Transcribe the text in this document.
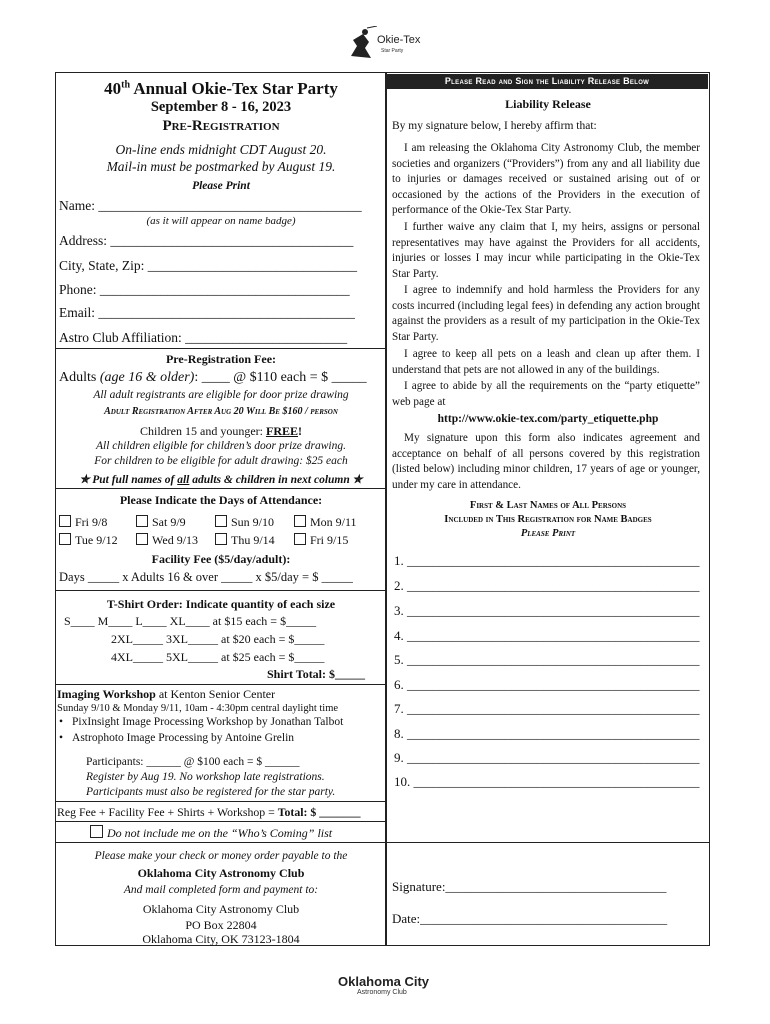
Okie-Tex
Star Party
40th Annual Okie-Tex Star Party
September 8 - 16, 2023
Pre-Registration
On-line ends midnight CDT August 20.
Mail-in must be postmarked by August 19.
Please Print
Name: _______________________________________
(as it will appear on name badge)
Address: ____________________________________
City, State, Zip: _______________________________
Phone: _____________________________________
Email: ______________________________________
Astro Club Affiliation: ________________________
Pre-Registration Fee:
Adults (age 16 & older): ____ @ $110 each = $ _____
All adult registrants are eligible for door prize drawing
Adult Registration After Aug 20 Will Be $160 / person
Children 15 and younger: FREE!
All children eligible for children’s door prize drawing.
For children to be eligible for adult drawing: $25 each
✯ Put full names of all adults & children in next column ✯
Please Indicate the Days of Attendance:
Fri 9/8	Sat 9/9	Sun 9/10	Mon 9/11
Tue 9/12	Wed 9/13	Thu 9/14	Fri 9/15
Facility Fee ($5/day/adult):
Days _____ x Adults 16 & over _____ x $5/day = $ _____
T-Shirt Order: Indicate quantity of each size
S____ M____ L____ XL____ at $15 each = $_____
2XL_____ 3XL_____ at $20 each = $_____
4XL_____ 5XL_____ at $25 each = $_____
Shirt Total: $_____
Imaging Workshop at Kenton Senior Center
Sunday 9/10 & Monday 9/11, 10am - 4:30pm central daylight time
• PixInsight Image Processing Workshop by Jonathan Talbot
• Astrophoto Image Processing by Antoine Grelin
Participants: ______ @ $100 each = $ ______
Register by Aug 19. No workshop late registrations.
Participants must also be registered for the star party.
Reg Fee + Facility Fee + Shirts + Workshop = Total: $ _______
Do not include me on the “Who’s Coming” list
Please make your check or money order payable to the
Oklahoma City Astronomy Club
And mail completed form and payment to:
Oklahoma City Astronomy Club
PO Box 22804
Oklahoma City, OK 73123-1804
Please Read and Sign the Liability Release Below
Liability Release
By my signature below, I hereby affirm that:
I am releasing the Oklahoma City Astronomy Club, the member societies and organizers (“Providers”) from any and all liability due to injuries or damages received or sustained arising out of or occasioned by the actions of the Providers in the execution of performance of the Okie-Tex Star Party.
I further waive any claim that I, my heirs, assigns or personal representatives may have against the Providers for all accidents, injuries or losses I may incur while participating in the Okie-Tex Star Party.
I agree to indemnify and hold harmless the Providers for any costs incurred (including legal fees) in defending any action brought against the providers as a result of my participation in the Okie-Tex Star Party.
I agree to keep all pets on a leash and clean up after them. I understand that pets are not allowed in any of the buildings.
I agree to abide by all the requirements on the “party etiquette” web page at
http://www.okie-tex.com/party_etiquette.php
My signature upon this form also indicates agreement and acceptance on behalf of all persons covered by this registration (listed below) including minor children, 17 years of age or younger, under my care in attendance.
First & Last Names of All Persons
Included in This Registration for Name Badges
Please Print
1. _____________________________________________
2. _____________________________________________
3. _____________________________________________
4. _____________________________________________
5. _____________________________________________
6. _____________________________________________
7. _____________________________________________
8. _____________________________________________
9. _____________________________________________
10. ____________________________________________
Signature:__________________________________
Date:______________________________________
Oklahoma City
Astronomy Club
